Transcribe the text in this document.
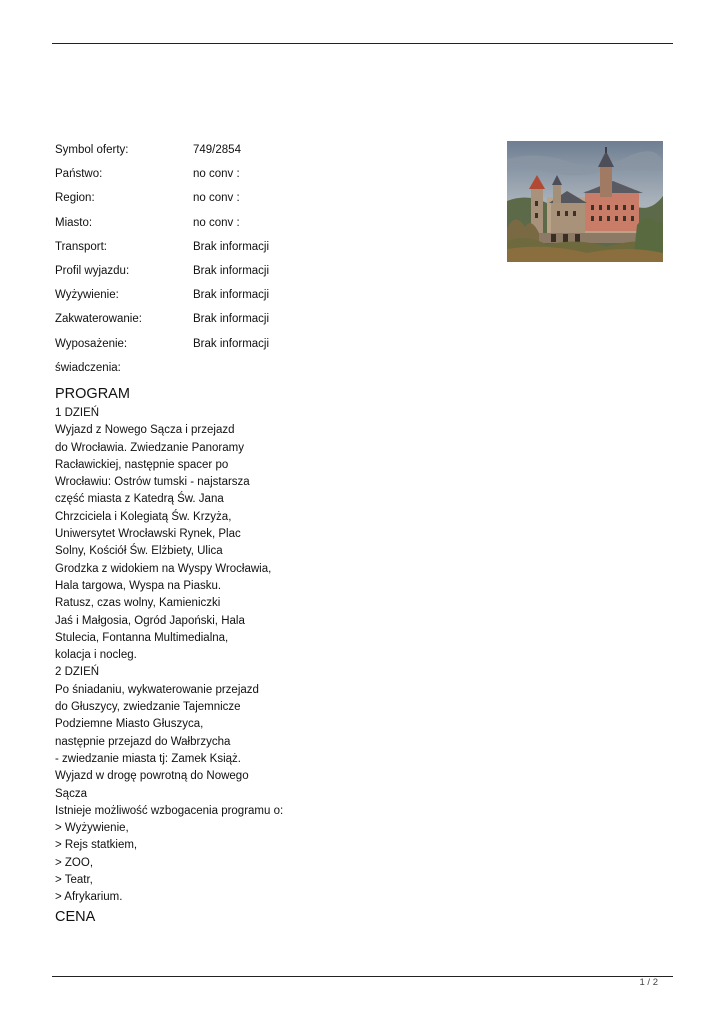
Symbol oferty:	749/2854
Państwo:	no conv :
Region:	no conv :
Miasto:	no conv :
Transport:	Brak informacji
Profil wyjazdu:	Brak informacji
Wyżywienie:	Brak informacji
Zakwaterowanie:	Brak informacji
Wyposażenie:	Brak informacji
świadczenia:
PROGRAM
1 DZIEŃ
Wyjazd z Nowego Sącza i przejazd
do Wrocławia. Zwiedzanie Panoramy
Racławickiej, następnie spacer po
Wrocławiu: Ostrów tumski - najstarsza
część miasta z Katedrą Św. Jana
Chrzciciela i Kolegiatą Św. Krzyża,
Uniwersytet Wrocławski Rynek, Plac
Solny, Kościół Św. Elżbiety, Ulica
Grodzka z widokiem na Wyspy Wrocławia,
Hala targowa, Wyspa na Piasku.
Ratusz, czas wolny, Kamieniczki
Jaś i Małgosia, Ogród Japoński, Hala
Stulecia, Fontanna Multimedialna,
kolacja i nocleg.
2 DZIEŃ
Po śniadaniu, wykwaterowanie przejazd
do Głuszycy, zwiedzanie Tajemnicze
Podziemne Miasto Głuszyca,
następnie przejazd do Wałbrzycha
- zwiedzanie miasta tj: Zamek Książ.
Wyjazd w drogę powrotną do Nowego
Sącza
Istnieje możliwość wzbogacenia programu o:
> Wyżywienie,
> Rejs statkiem,
> ZOO,
> Teatr,
> Afrykarium.
CENA
1 / 2
